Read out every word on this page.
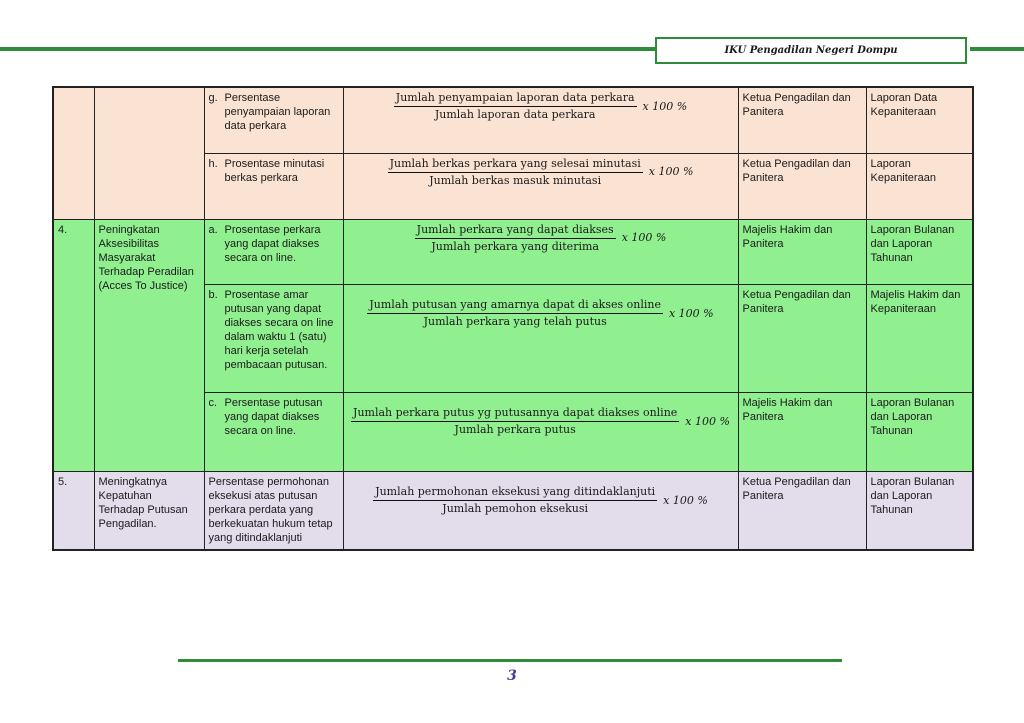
IKU Pengadilan Negeri Dompu

		g. Persentase penyampaian laporan data perkara	$\frac{\text{Jumlah penyampaian laporan data perkara}}{\text{Jumlah laporan data perkara}}$ x 100 %	Ketua Pengadilan dan Panitera	Laporan Data Kepaniteraan

		h. Prosentase minutasi berkas perkara	$\frac{\text{Jumlah berkas perkara yang selesai minutasi}}{\text{Jumlah berkas masuk minutasi}}$ x 100 %	Ketua Pengadilan dan Panitera	Laporan Kepaniteraan
4.	Peningkatan Aksesibilitas Masyarakat Terhadap Peradilan (Acces To Justice)	a. Prosentase perkara yang dapat diakses secara on line.	$\frac{\text{Jumlah perkara yang dapat diakses}}{\text{Jumlah perkara yang diterima}}$ x 100 %	Majelis Hakim dan Panitera	Laporan Bulanan dan Laporan Tahunan

		b. Prosentase amar putusan yang dapat diakses secara on line dalam waktu 1 (satu) hari kerja setelah pembacaan putusan.	$\frac{\text{Jumlah putusan yang amarnya dapat di akses online}}{\text{Jumlah perkara yang telah putus}}$ x 100 %	Ketua Pengadilan dan Panitera	Majelis Hakim dan Kepaniteraan

		c. Persentase putusan yang dapat diakses secara on line.	$\frac{\text{Jumlah perkara putus yg putusannya dapat diakses online}}{\text{Jumlah perkara putus}}$ x 100 %	Majelis Hakim dan Panitera	Laporan Bulanan dan Laporan Tahunan
5.	Meningkatnya Kepatuhan Terhadap Putusan Pengadilan.	Persentase permohonan eksekusi atas putusan perkara perdata yang berkekuatan hukum tetap yang ditindaklanjuti	$\frac{\text{Jumlah permohonan eksekusi yang ditindaklanjuti}}{\text{Jumlah pemohon eksekusi}}$ x 100 %	Ketua Pengadilan dan Panitera	Laporan Bulanan dan Laporan Tahunan
3
